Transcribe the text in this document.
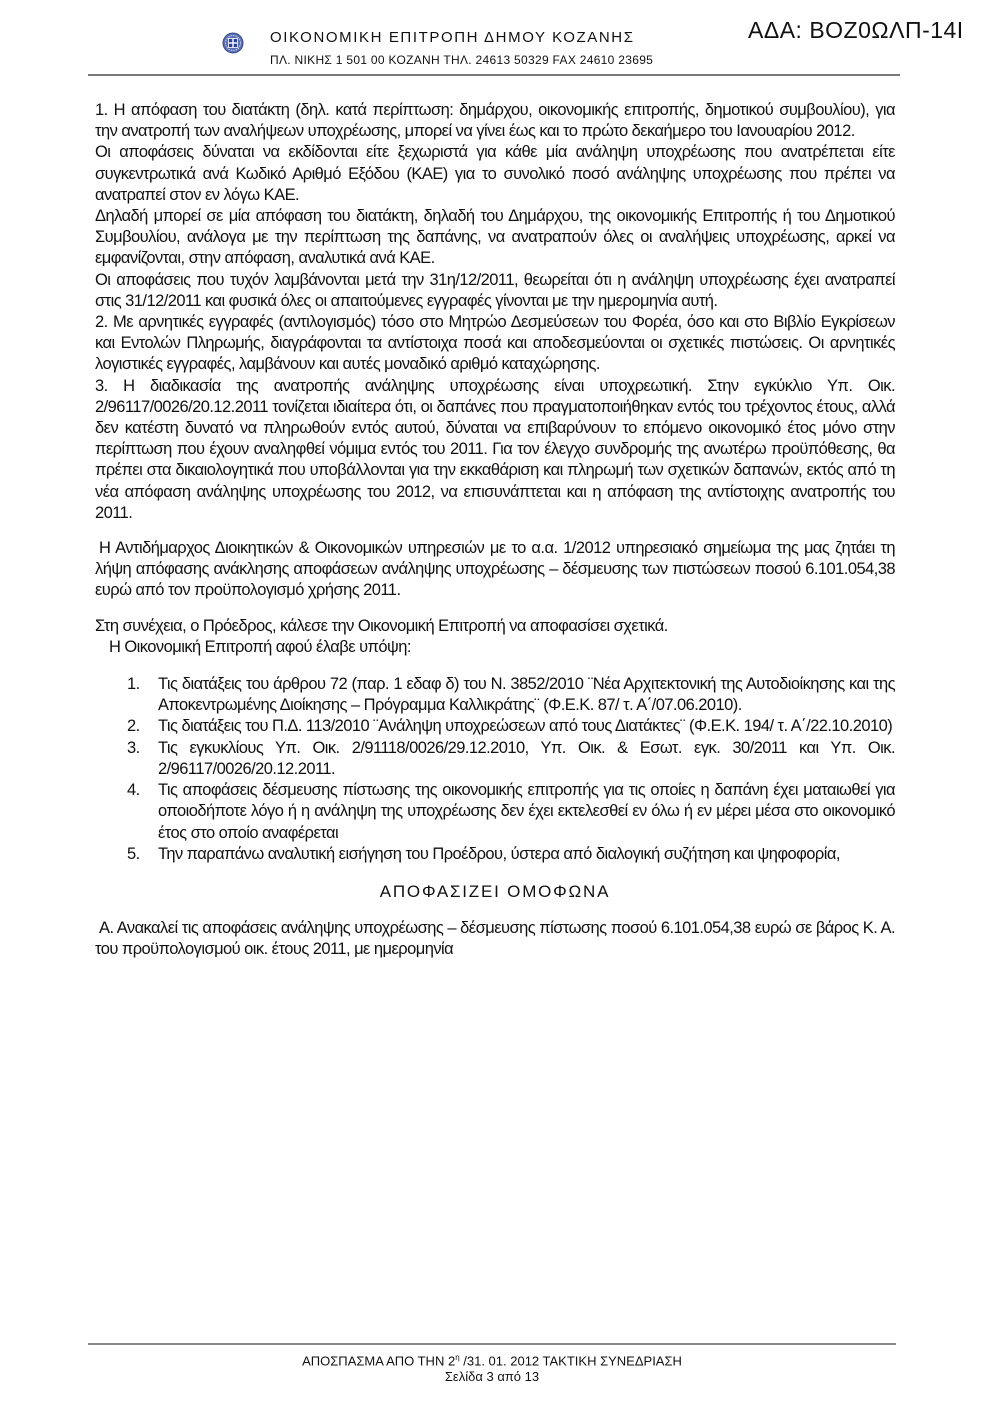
ΟΙΚΟΝΟΜΙΚΗ ΕΠΙΤΡΟΠΗ ΔΗΜΟΥ ΚΟΖΑΝΗΣ
ΠΛ. ΝΙΚΗΣ 1 501 00 ΚΟΖΑΝΗ ΤΗΛ. 24613 50329 FAX 24610 23695
ΑΔΑ: ΒΟΖ0ΩΛΠ-14Ι

1. Η απόφαση του διατάκτη (δηλ. κατά περίπτωση: δημάρχου, οικονομικής επιτροπής, δημοτικού συμβουλίου), για την ανατροπή των αναλήψεων υποχρέωσης, μπορεί να γίνει έως και το πρώτο δεκαήμερο του Ιανουαρίου 2012.

Οι αποφάσεις δύναται να εκδίδονται είτε ξεχωριστά για κάθε μία ανάληψη υποχρέωσης που ανατρέπεται είτε συγκεντρωτικά ανά Κωδικό Αριθμό Εξόδου (ΚΑΕ) για το συνολικό ποσό ανάληψης υποχρέωσης που πρέπει να ανατραπεί στον εν λόγω ΚΑΕ.

Δηλαδή μπορεί σε μία απόφαση του διατάκτη, δηλαδή του Δημάρχου, της οικονομικής Επιτροπής ή του Δημοτικού Συμβουλίου, ανάλογα με την περίπτωση της δαπάνης, να ανατραπούν όλες οι αναλήψεις υποχρέωσης, αρκεί να εμφανίζονται, στην απόφαση, αναλυτικά ανά ΚΑΕ.

Οι αποφάσεις που τυχόν λαμβάνονται μετά την 31η/12/2011, θεωρείται ότι η ανάληψη υποχρέωσης έχει ανατραπεί στις 31/12/2011 και φυσικά όλες οι απαιτούμενες εγγραφές γίνονται με την ημερομηνία αυτή.

2. Με αρνητικές εγγραφές (αντιλογισμός) τόσο στο Μητρώο Δεσμεύσεων του Φορέα, όσο και στο Βιβλίο Εγκρίσεων και Εντολών Πληρωμής, διαγράφονται τα αντίστοιχα ποσά και αποδεσμεύονται οι σχετικές πιστώσεις. Οι αρνητικές λογιστικές εγγραφές, λαμβάνουν και αυτές μοναδικό αριθμό καταχώρησης.

3. Η διαδικασία της ανατροπής ανάληψης υποχρέωσης είναι υποχρεωτική. Στην εγκύκλιο Υπ. Οικ. 2/96117/0026/20.12.2011 τονίζεται ιδιαίτερα ότι, οι δαπάνες που πραγματοποιήθηκαν εντός του τρέχοντος έτους, αλλά δεν κατέστη δυνατό να πληρωθούν εντός αυτού, δύναται να επιβαρύνουν το επόμενο οικονομικό έτος μόνο στην περίπτωση που έχουν αναληφθεί νόμιμα εντός του 2011. Για τον έλεγχο συνδρομής της ανωτέρω προϋπόθεσης, θα πρέπει στα δικαιολογητικά που υποβάλλονται για την εκκαθάριση και πληρωμή των σχετικών δαπανών, εκτός από τη νέα απόφαση ανάληψης υποχρέωσης του 2012, να επισυνάπτεται και η απόφαση της αντίστοιχης ανατροπής του 2011.

Η Αντιδήμαρχος Διοικητικών & Οικονομικών υπηρεσιών με το α.α. 1/2012 υπηρεσιακό σημείωμα της μας ζητάει τη λήψη απόφασης ανάκλησης αποφάσεων ανάληψης υποχρέωσης – δέσμευσης των πιστώσεων ποσού 6.101.054,38 ευρώ από τον προϋπολογισμό χρήσης 2011.

Στη συνέχεια, ο Πρόεδρος, κάλεσε την Οικονομική Επιτροπή να αποφασίσει σχετικά.

Η Οικονομική Επιτροπή αφού έλαβε υπόψη:

1. Τις διατάξεις του άρθρου 72 (παρ. 1 εδαφ δ) του Ν. 3852/2010 ¨Νέα Αρχιτεκτονική της Αυτοδιοίκησης και της Αποκεντρωμένης Διοίκησης – Πρόγραμμα Καλλικράτης¨ (Φ.Ε.Κ. 87/ τ. Α΄/07.06.2010).
2. Τις διατάξεις του Π.Δ. 113/2010 ¨Ανάληψη υποχρεώσεων από τους Διατάκτες¨ (Φ.Ε.Κ. 194/ τ. Α΄/22.10.2010)
3. Τις εγκυκλίους Υπ. Οικ. 2/91118/0026/29.12.2010, Υπ. Οικ. & Εσωτ. εγκ. 30/2011 και Υπ. Οικ. 2/96117/0026/20.12.2011.
4. Τις αποφάσεις δέσμευσης πίστωσης της οικονομικής επιτροπής για τις οποίες η δαπάνη έχει ματαιωθεί για οποιοδήποτε λόγο ή η ανάληψη της υποχρέωσης δεν έχει εκτελεσθεί εν όλω ή εν μέρει μέσα στο οικονομικό έτος στο οποίο αναφέρεται
5. Την παραπάνω αναλυτική εισήγηση του Προέδρου, ύστερα από διαλογική συζήτηση και ψηφοφορία,

ΑΠΟΦΑΣΙΖΕΙ ΟΜΟΦΩΝΑ

Α. Ανακαλεί τις αποφάσεις ανάληψης υποχρέωσης – δέσμευσης πίστωσης ποσού 6.101.054,38 ευρώ σε βάρος Κ. Α. του προϋπολογισμού οικ. έτους 2011, με ημερομηνία

ΑΠΟΣΠΑΣΜΑ ΑΠΟ ΤΗΝ $2^\eta$ /31. 01. 2012 ΤΑΚΤΙΚΗ ΣΥΝΕΔΡΙΑΣΗ
Σελίδα 3 από 13
